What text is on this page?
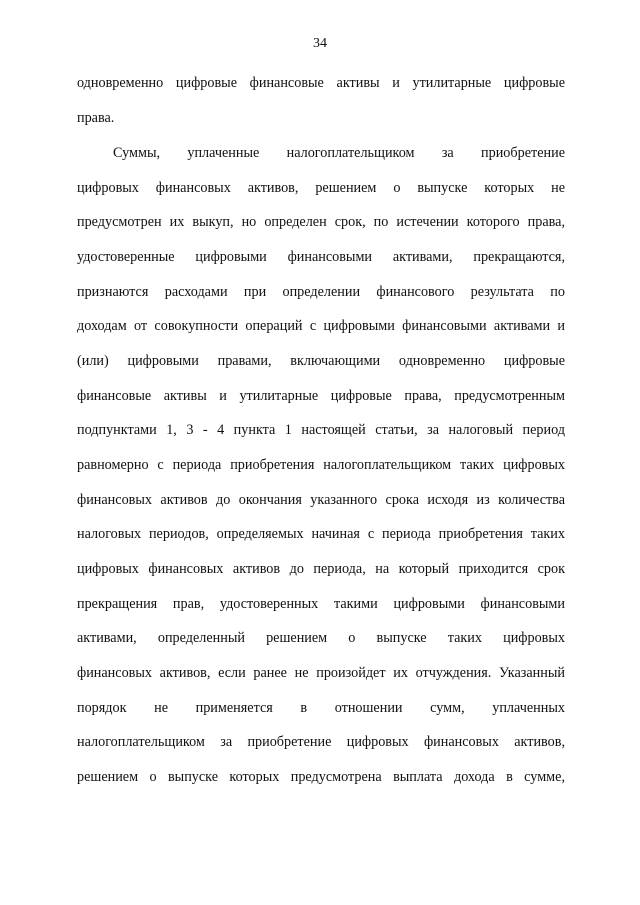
34
одновременно цифровые финансовые активы и утилитарные цифровые
права.
Суммы, уплаченные налогоплательщиком за приобретение
цифровых финансовых активов, решением о выпуске которых не
предусмотрен их выкуп, но определен срок, по истечении которого права,
удостоверенные цифровыми финансовыми активами, прекращаются,
признаются расходами при определении финансового результата по
доходам от совокупности операций с цифровыми финансовыми активами и
(или) цифровыми правами, включающими одновременно цифровые
финансовые активы и утилитарные цифровые права, предусмотренным
подпунктами 1, 3 - 4 пункта 1 настоящей статьи, за налоговый период
равномерно с периода приобретения налогоплательщиком таких цифровых
финансовых активов до окончания указанного срока исходя из количества
налоговых периодов, определяемых начиная с периода приобретения таких
цифровых финансовых активов до периода, на который приходится срок
прекращения прав, удостоверенных такими цифровыми финансовыми
активами, определенный решением о выпуске таких цифровых
финансовых активов, если ранее не произойдет их отчуждения. Указанный
порядок не применяется в отношении сумм, уплаченных
налогоплательщиком за приобретение цифровых финансовых активов,
решением о выпуске которых предусмотрена выплата дохода в сумме,
